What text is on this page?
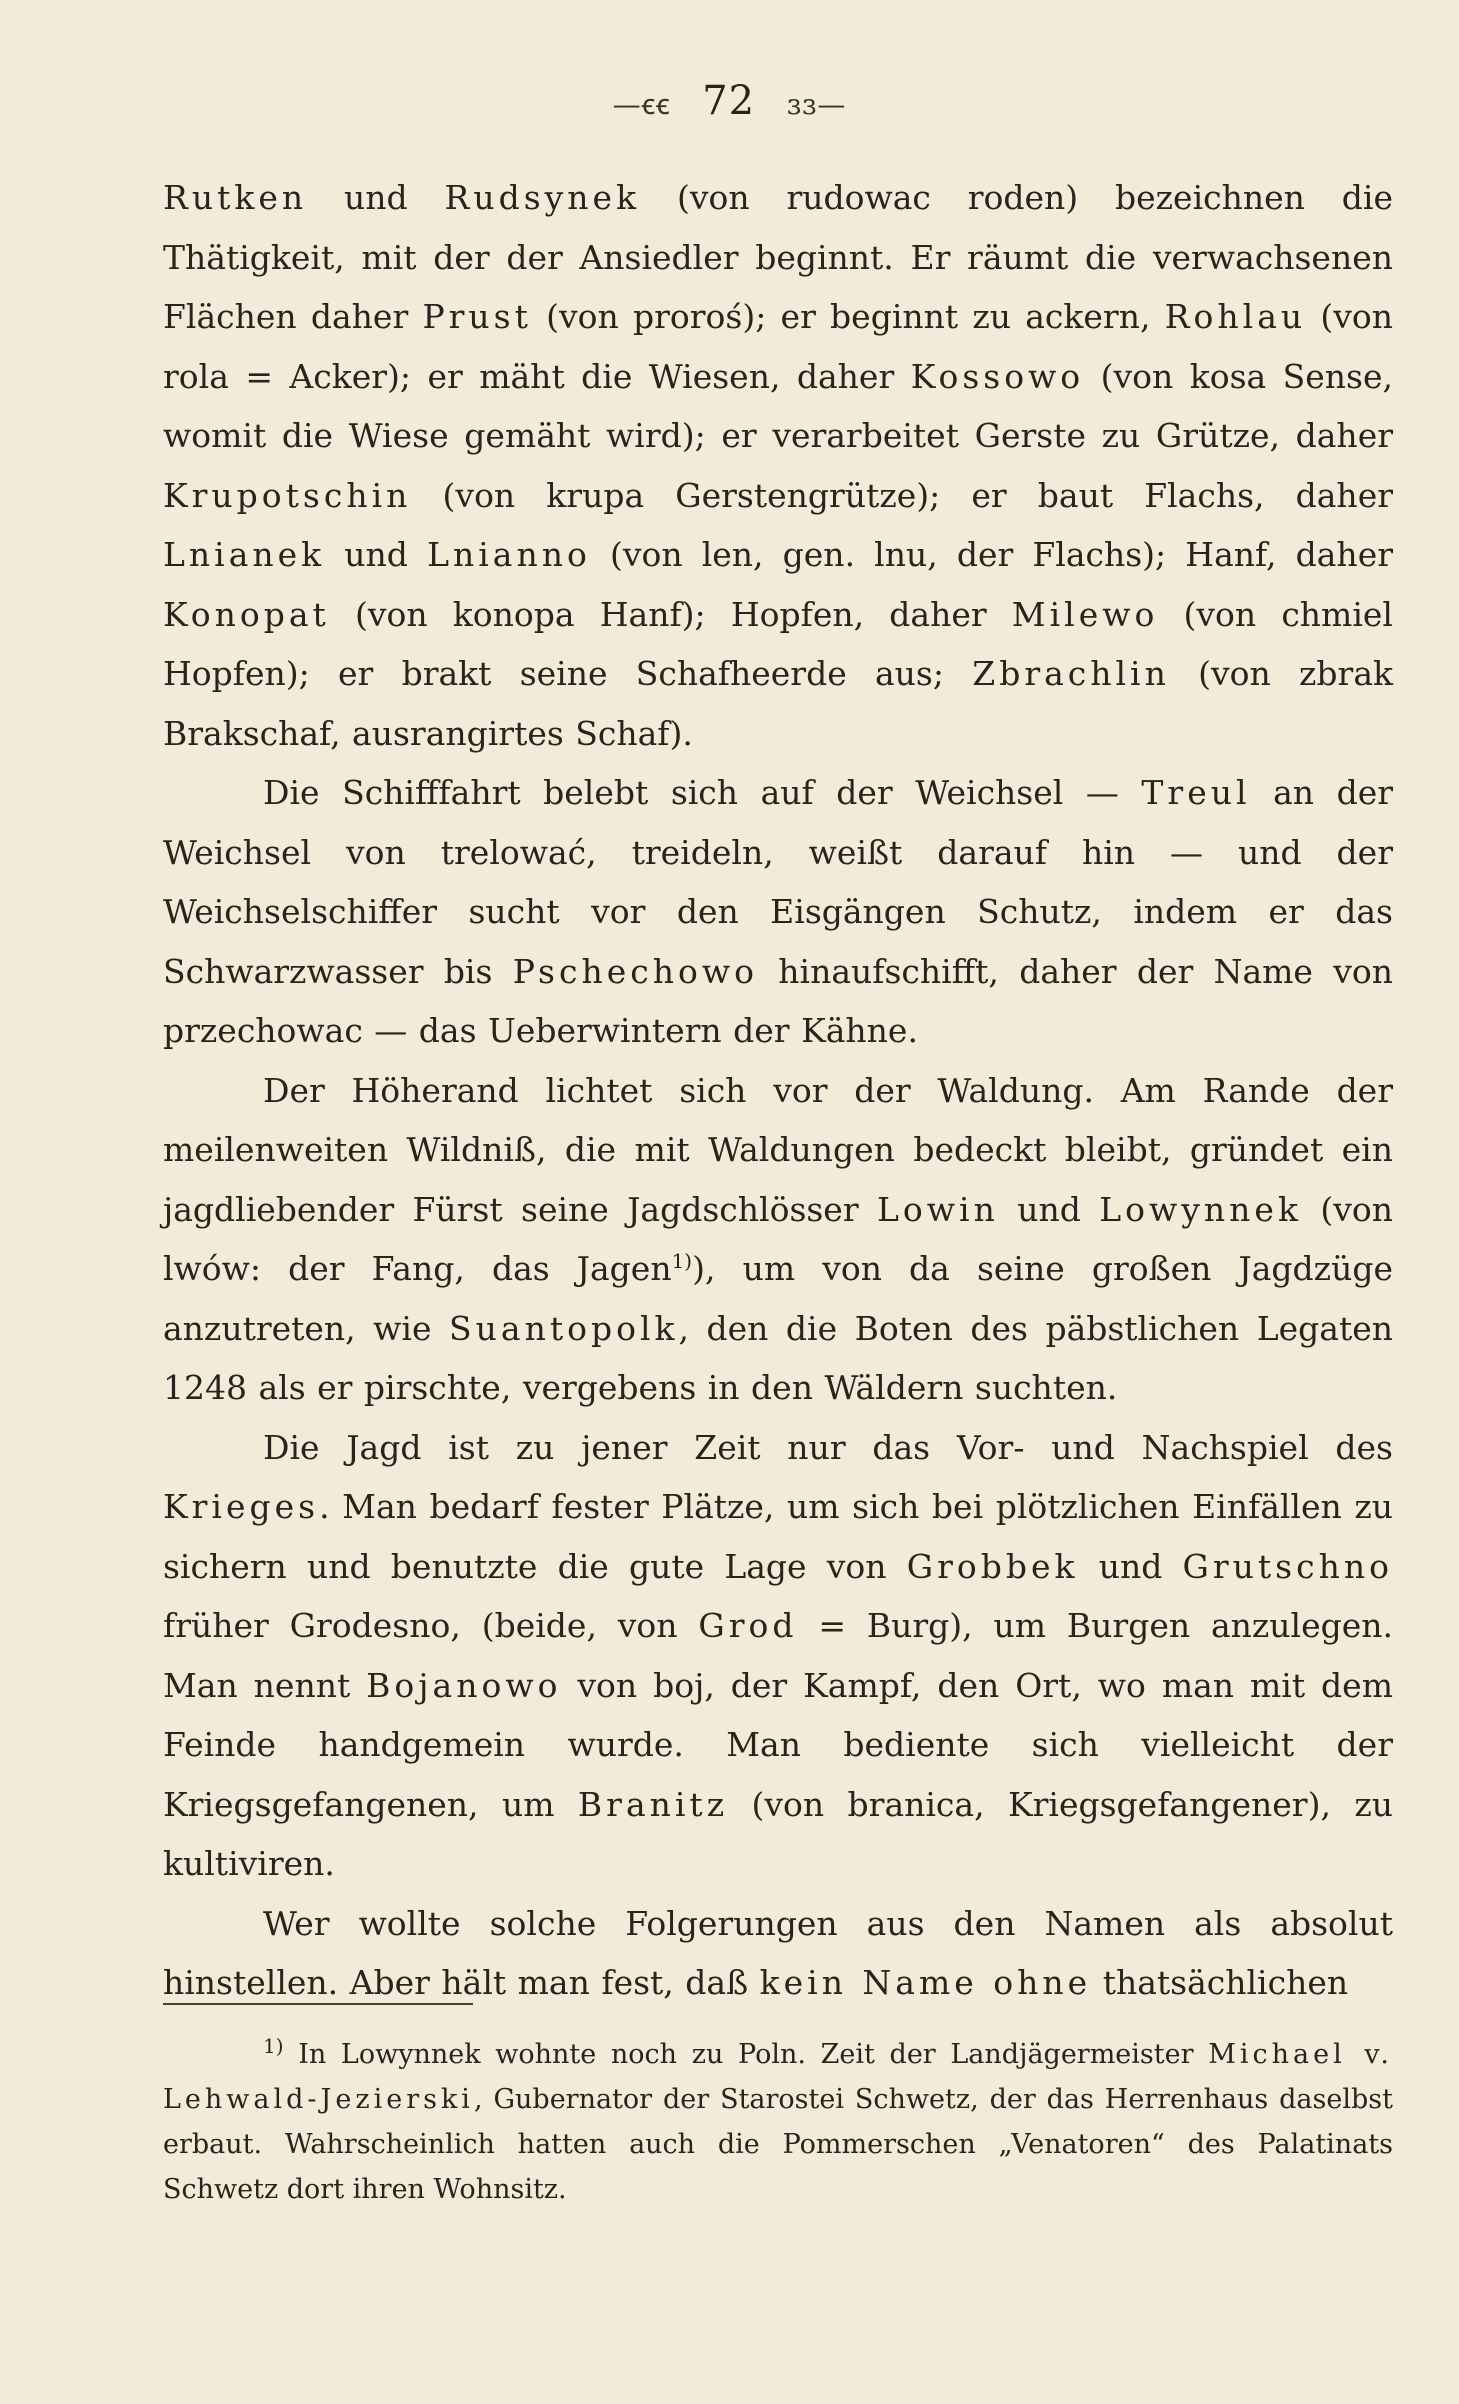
—ꞓꞓ 72 ɜɜ—

Rutken und Rudsynek (von rudowac roden) bezeichnen die Thätigkeit, mit der der Ansiedler beginnt. Er räumt die verwachsenen Flächen daher Prust (von proroś); er beginnt zu ackern, Rohlau (von rola = Acker); er mäht die Wiesen, daher Kossowo (von kosa Sense, womit die Wiese gemäht wird); er verarbeitet Gerste zu Grütze, daher Krupotschin (von krupa Gerstengrütze); er baut Flachs, daher Lnianek und Lnianno (von len, gen. lnu, der Flachs); Hanf, daher Konopat (von konopa Hanf); Hopfen, daher Milewo (von chmiel Hopfen); er brakt seine Schafheerde aus; Zbrachlin (von zbrak Brakschaf, ausrangirtes Schaf).

Die Schifffahrt belebt sich auf der Weichsel — Treul an der Weichsel von trelować, treideln, weißt darauf hin — und der Weichselschiffer sucht vor den Eisgängen Schutz, indem er das Schwarzwasser bis Pschechowo hinaufschifft, daher der Name von przechowac — das Ueberwintern der Kähne.

Der Höherand lichtet sich vor der Waldung. Am Rande der meilenweiten Wildniß, die mit Waldungen bedeckt bleibt, gründet ein jagdliebender Fürst seine Jagdschlösser Lowin und Lowynnek (von lwów: der Fang, das Jagen$^{1)}$), um von da seine großen Jagdzüge anzutreten, wie Suantopolk, den die Boten des päbstlichen Legaten 1248 als er pirschte, vergebens in den Wäldern suchten.

Die Jagd ist zu jener Zeit nur das Vor- und Nachspiel des Krieges. Man bedarf fester Plätze, um sich bei plötzlichen Einfällen zu sichern und benutzte die gute Lage von Grobbek und Grutschno früher Grodesno, (beide, von Grod = Burg), um Burgen anzulegen. Man nennt Bojanowo von boj, der Kampf, den Ort, wo man mit dem Feinde handgemein wurde. Man bediente sich vielleicht der Kriegsgefangenen, um Branitz (von branica, Kriegsgefangener), zu kultiviren.

Wer wollte solche Folgerungen aus den Namen als absolut hinstellen. Aber hält man fest, daß kein Name ohne thatsächlichen

$^{1)}$ In Lowynnek wohnte noch zu Poln. Zeit der Landjägermeister Michael v. Lehwald-Jezierski, Gubernator der Starostei Schwetz, der das Herrenhaus daselbst erbaut. Wahrscheinlich hatten auch die Pommerschen „Venatoren“ des Palatinats Schwetz dort ihren Wohnsitz.
